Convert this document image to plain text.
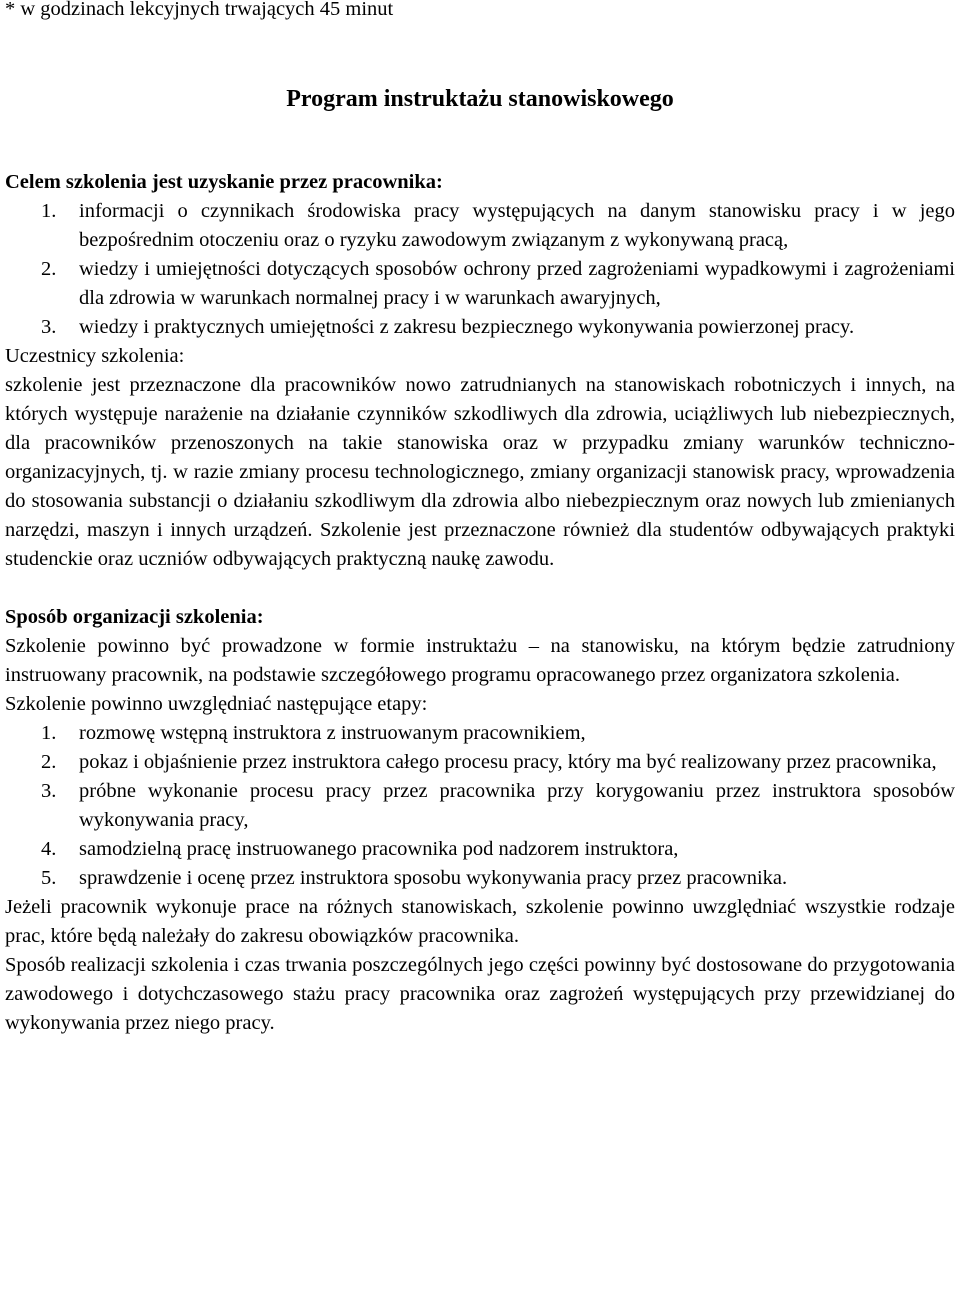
* w godzinach lekcyjnych trwających 45 minut

Program instruktażu stanowiskowego

Celem szkolenia jest uzyskanie przez pracownika:

1.	informacji o czynnikach środowiska pracy występujących na danym stanowisku pracy i w jego bezpośrednim otoczeniu oraz o ryzyku zawodowym związanym z wykonywaną pracą,
2.	wiedzy i umiejętności dotyczących sposobów ochrony przed zagrożeniami wypadkowymi i zagrożeniami dla zdrowia w warunkach normalnej pracy i w warunkach awaryjnych,
3.	wiedzy i praktycznych umiejętności z zakresu bezpiecznego wykonywania powierzonej pracy.

Uczestnicy szkolenia:

szkolenie jest przeznaczone dla pracowników nowo zatrudnianych na stanowiskach robotniczych i innych, na których występuje narażenie na działanie czynników szkodliwych dla zdrowia, uciążliwych lub niebezpiecznych, dla pracowników przenoszonych na takie stanowiska oraz w przypadku zmiany warunków techniczno-organizacyjnych, tj. w razie zmiany procesu technologicznego, zmiany organizacji stanowisk pracy, wprowadzenia do stosowania substancji o działaniu szkodliwym dla zdrowia albo niebezpiecznym oraz nowych lub zmienianych narzędzi, maszyn i innych urządzeń. Szkolenie jest przeznaczone również dla studentów odbywających praktyki studenckie oraz uczniów odbywających praktyczną naukę zawodu.

Sposób organizacji szkolenia:

Szkolenie powinno być prowadzone w formie instruktażu – na stanowisku, na którym będzie zatrudniony instruowany pracownik, na podstawie szczegółowego programu opracowanego przez organizatora szkolenia.

Szkolenie powinno uwzględniać następujące etapy:

1.	rozmowę wstępną instruktora z instruowanym pracownikiem,
2.	pokaz i objaśnienie przez instruktora całego procesu pracy, który ma być realizowany przez pracownika,
3.	próbne wykonanie procesu pracy przez pracownika przy korygowaniu przez instruktora sposobów wykonywania pracy,
4.	samodzielną pracę instruowanego pracownika pod nadzorem instruktora,
5.	sprawdzenie i ocenę przez instruktora sposobu wykonywania pracy przez pracownika.

Jeżeli pracownik wykonuje prace na różnych stanowiskach, szkolenie powinno uwzględniać wszystkie rodzaje prac, które będą należały do zakresu obowiązków pracownika.

Sposób realizacji szkolenia i czas trwania poszczególnych jego części powinny być dostosowane do przygotowania zawodowego i dotychczasowego stażu pracy pracownika oraz zagrożeń występujących przy przewidzianej do wykonywania przez niego pracy.
